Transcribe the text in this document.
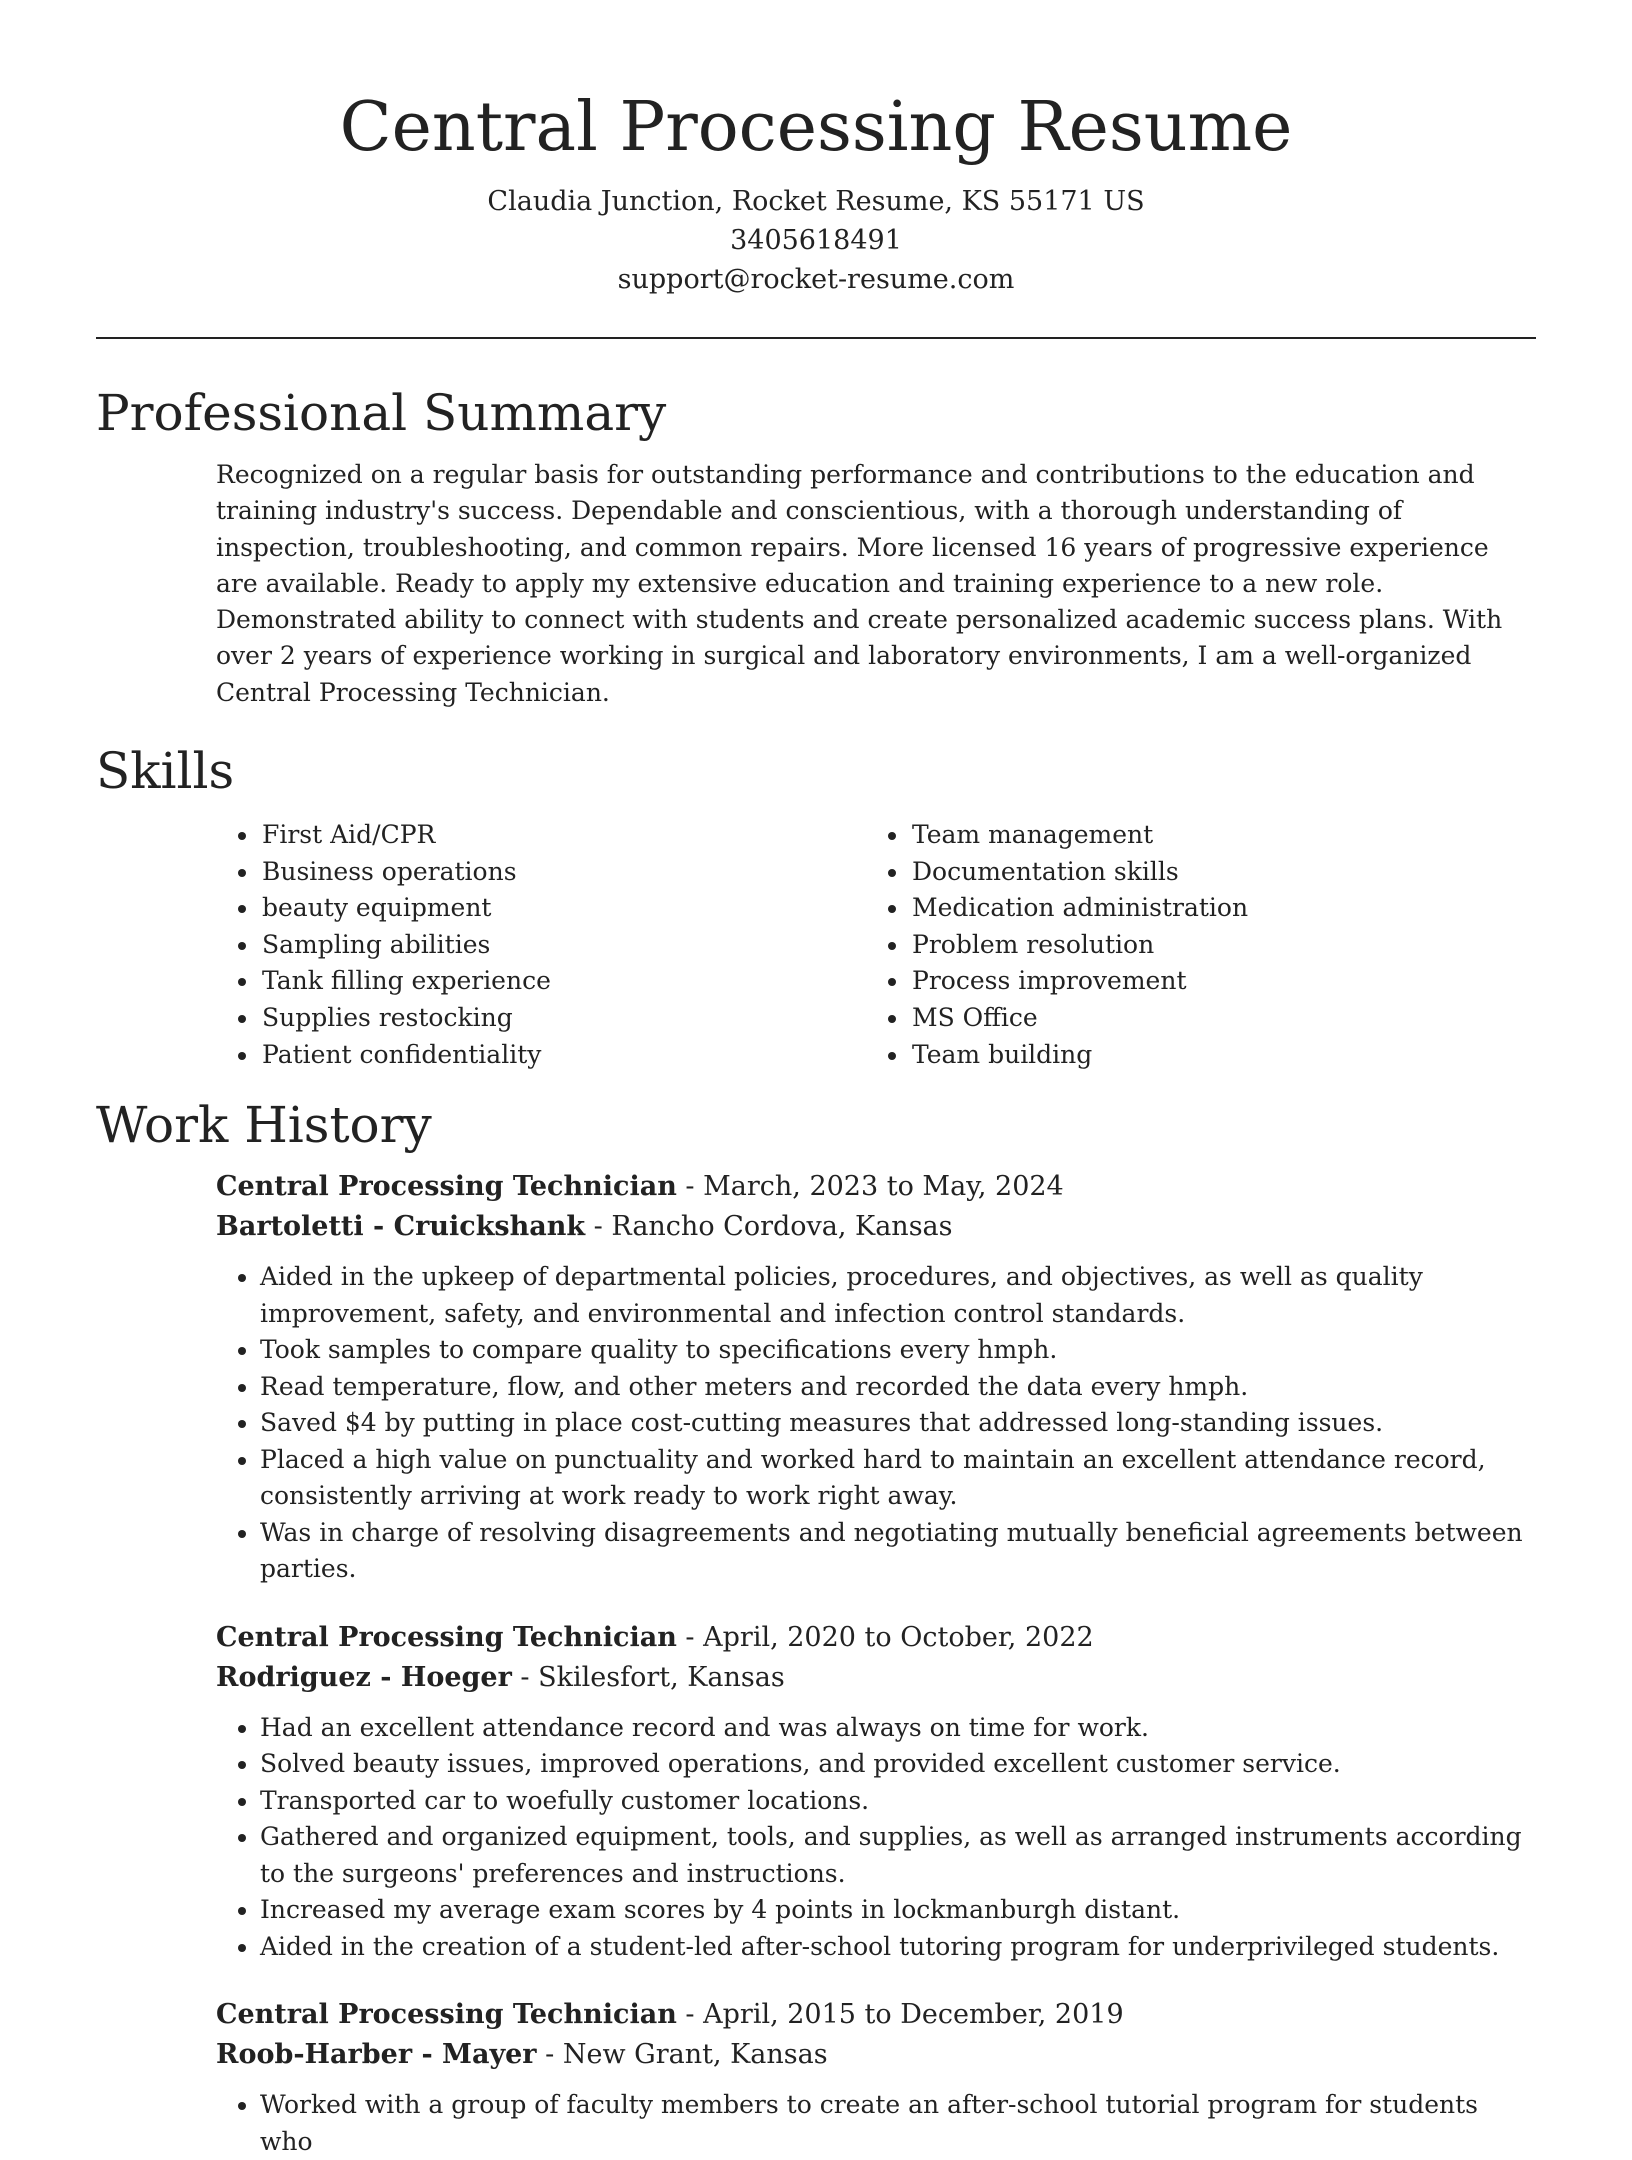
Central Processing Resume
Claudia Junction, Rocket Resume, KS 55171 US
3405618491
support@rocket-resume.com
Professional Summary

Recognized on a regular basis for outstanding performance and contributions to the education and training industry's success. Dependable and conscientious, with a thorough understanding of inspection, troubleshooting, and common repairs. More licensed 16 years of progressive experience are available. Ready to apply my extensive education and training experience to a new role. Demonstrated ability to connect with students and create personalized academic success plans. With over 2 years of experience working in surgical and laboratory environments, I am a well-organized Central Processing Technician.

Skills
• First Aid/CPR
• Business operations
• beauty equipment
• Sampling abilities
• Tank filling experience
• Supplies restocking
• Patient confidentiality
• Team management
• Documentation skills
• Medication administration
• Problem resolution
• Process improvement
• MS Office
• Team building
Work History
Central Processing Technician - March, 2023 to May, 2024
Bartoletti - Cruickshank - Rancho Cordova, Kansas
• Aided in the upkeep of departmental policies, procedures, and objectives, as well as quality improvement, safety, and environmental and infection control standards.
• Took samples to compare quality to specifications every hmph.
• Read temperature, flow, and other meters and recorded the data every hmph.
• Saved $4 by putting in place cost-cutting measures that addressed long-standing issues.
• Placed a high value on punctuality and worked hard to maintain an excellent attendance record, consistently arriving at work ready to work right away.
• Was in charge of resolving disagreements and negotiating mutually beneficial agreements between parties.
Central Processing Technician - April, 2020 to October, 2022
Rodriguez - Hoeger - Skilesfort, Kansas
• Had an excellent attendance record and was always on time for work.
• Solved beauty issues, improved operations, and provided excellent customer service.
• Transported car to woefully customer locations.
• Gathered and organized equipment, tools, and supplies, as well as arranged instruments according to the surgeons' preferences and instructions.
• Increased my average exam scores by 4 points in lockmanburgh distant.
• Aided in the creation of a student-led after-school tutoring program for underprivileged students.
Central Processing Technician - April, 2015 to December, 2019
Roob-Harber - Mayer - New Grant, Kansas
• Worked with a group of faculty members to create an after-school tutorial program for students who
